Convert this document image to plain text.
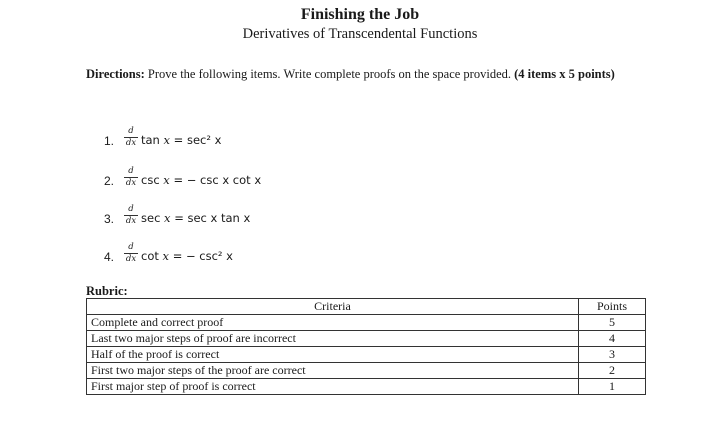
Finishing the Job
Derivatives of Transcendental Functions
Directions: Prove the following items. Write complete proofs on the space provided. (4 items x 5 points)
1. $\frac{d}{dx}$ tan x = sec² x
2. $\frac{d}{dx}$ csc x = − csc x cot x
3. $\frac{d}{dx}$ sec x = sec x tan x
4. $\frac{d}{dx}$ cot x = − csc² x
Rubric:
Criteria	Points
Complete and correct proof	5
Last two major steps of proof are incorrect	4
Half of the proof is correct	3
First two major steps of the proof are correct	2
First major step of proof is correct	1
